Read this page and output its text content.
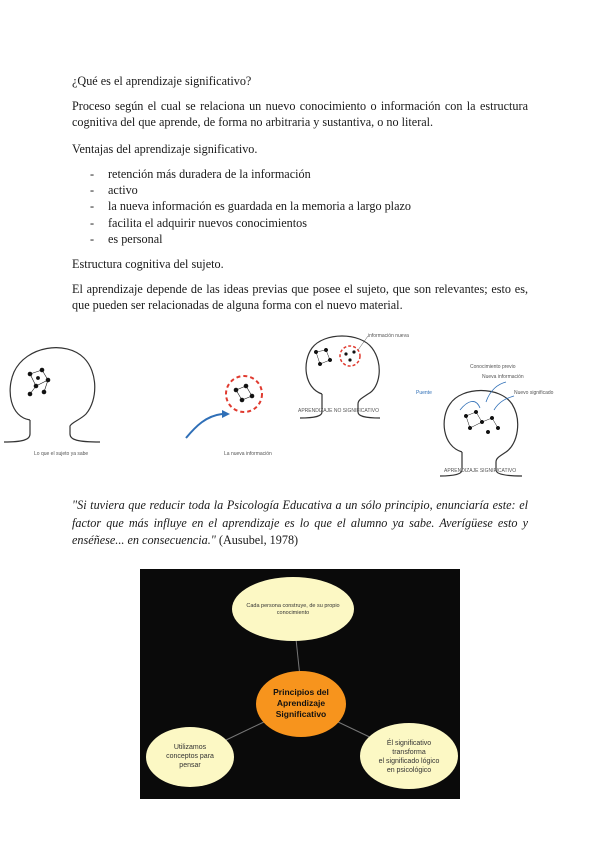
¿Qué es el aprendizaje significativo?
Proceso según el cual se relaciona un nuevo conocimiento o información con la estructura cognitiva del que aprende, de forma no arbitraria y sustantiva, o no literal.
Ventajas del aprendizaje significativo.
- retención más duradera de la información
- activo
- la nueva información es guardada en la memoria a largo plazo
- facilita el adquirir nuevos conocimientos
- es personal
Estructura cognitiva del sujeto.
El aprendizaje depende de las ideas previas que posee el sujeto, que son relevantes; esto es, que pueden ser relacionadas de alguna forma con el nuevo material.
Lo que el sujeto ya sabe	La nueva información
información nueva
APRENDIZAJE NO SIGNIFICATIVO
Conocimiento previo
Nueva información
Puente	Nuevo significado
APRENDIZAJE SIGNIFICATIVO
"Si tuviera que reducir toda la Psicología Educativa a un sólo principio, enunciaría este: el factor que más influye en el aprendizaje es lo que el alumno ya sabe. Averígüese esto y enséñese... en consecuencia." (Ausubel, 1978)
Cada persona construye, de su propio
conocimiento
Principios del
Aprendizaje
Significativo
Utilizamos
conceptos para
pensar
Él significativo
transforma
el significado lógico
en psicológico
